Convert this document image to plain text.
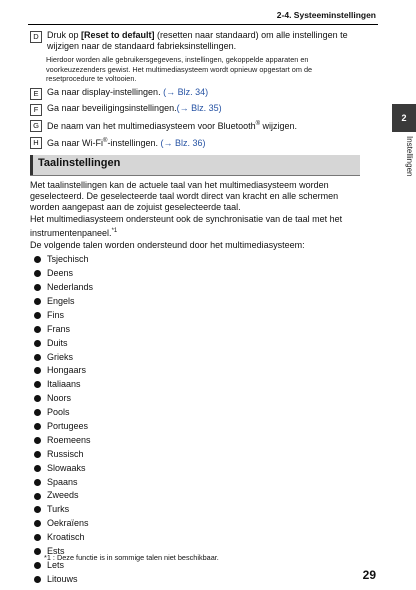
2-4. Systeeminstellingen
2
Instellingen
D Druk op [Reset to default] (resetten naar standaard) om alle instellingen te wijzigen naar de standaard fabrieksinstellingen.
Hierdoor worden alle gebruikersgegevens, instellingen, gekoppelde apparaten en voorkeuzezenders gewist. Het multimediasysteem wordt opnieuw opgestart om de resetprocedure te voltooien.
E Ga naar display-instellingen. (→ Blz. 34)
F Ga naar beveiligingsinstellingen.(→ Blz. 35)
G De naam van het multimediasysteem voor Bluetooth® wijzigen.
H Ga naar Wi-Fi®-instellingen. (→ Blz. 36)
Taalinstellingen
Met taalinstellingen kan de actuele taal van het multimediasysteem worden geselecteerd. De geselecteerde taal wordt direct van kracht en alle schermen worden aangepast aan de zojuist geselecteerde taal.
Het multimediasysteem ondersteunt ook de synchronisatie van de taal met het instrumentenpaneel.$^{*1}$
De volgende talen worden ondersteund door het multimediasysteem:
Tsjechisch
Deens
Nederlands
Engels
Fins
Frans
Duits
Grieks
Hongaars
Italiaans
Noors
Pools
Portugees
Roemeens
Russisch
Slowaaks
Spaans
Zweeds
Turks
Oekraïens
Kroatisch
Ests
Lets
Litouws
*1 : Deze functie is in sommige talen niet beschikbaar.
29
